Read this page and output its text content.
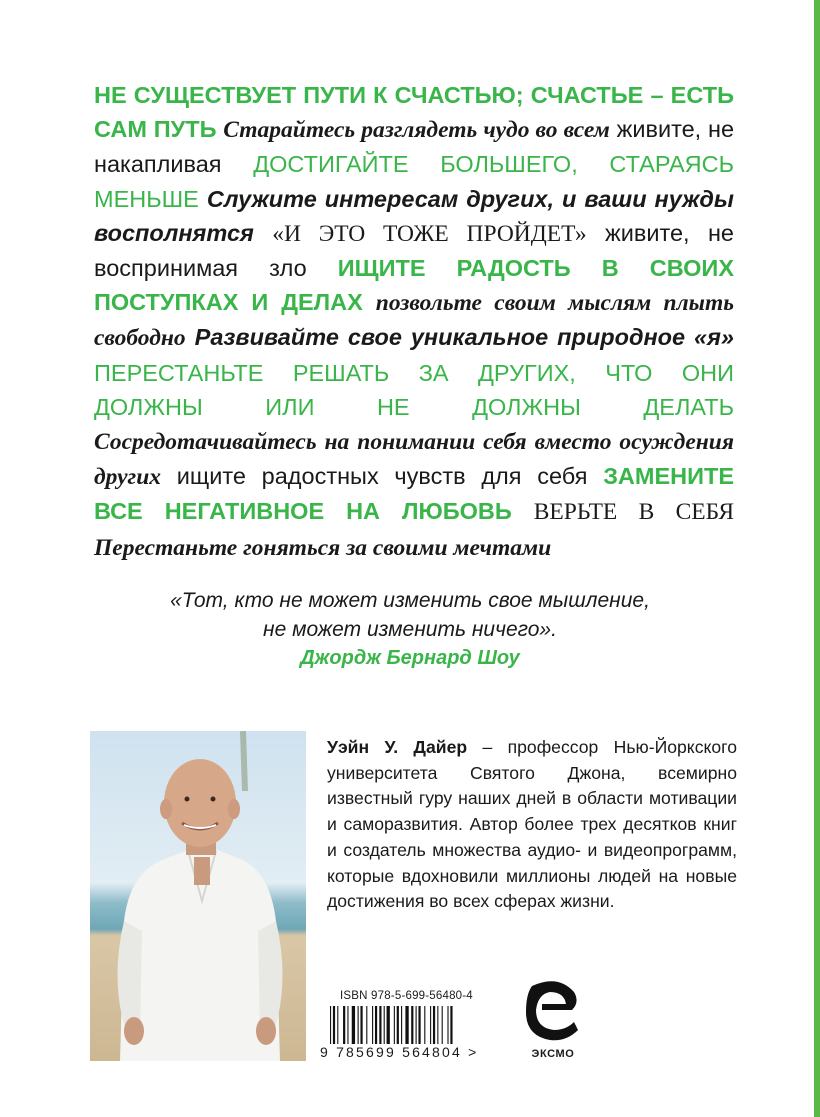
НЕ СУЩЕСТВУЕТ ПУТИ К СЧАСТЬЮ; СЧАСТЬЕ – ЕСТЬ САМ ПУТЬ Старайтесь разглядеть чудо во всем живите, не накапливая ДОСТИГАЙТЕ БОЛЬШЕГО, СТАРАЯСЬ МЕНЬШЕ Служите интересам других, и ваши нужды восполнятся «И ЭТО ТОЖЕ ПРОЙДЕТ» живите, не воспринимая зло ИЩИТЕ РАДОСТЬ В СВОИХ ПОСТУПКАХ И ДЕЛАХ позвольте своим мыслям плыть свободно Развивайте свое уникальное природное «я» ПЕРЕСТАНЬТЕ РЕШАТЬ ЗА ДРУГИХ, ЧТО ОНИ ДОЛЖНЫ ИЛИ НЕ ДОЛЖНЫ ДЕЛАТЬ Сосредотачивайтесь на понимании себя вместо осуждения других ищите радостных чувств для себя ЗАМЕНИТЕ ВСЕ НЕГАТИВНОЕ НА ЛЮБОВЬ ВЕРЬТЕ В СЕБЯ Перестаньте гоняться за своими мечтами
«Тот, кто не может изменить свое мышление,
не может изменить ничего».
Джордж Бернард Шоу
Уэйн У. Дайер – профессор Нью-Йоркского университета Святого Джона, всемирно известный гуру наших дней в области мотивации и саморазвития. Автор более трех десятков книг и создатель множества аудио- и видеопрограмм, которые вдохновили миллионы людей на новые достижения во всех сферах жизни.
ISBN 978-5-699-56480-4
9 785699 564804 >	ЭКСМО
